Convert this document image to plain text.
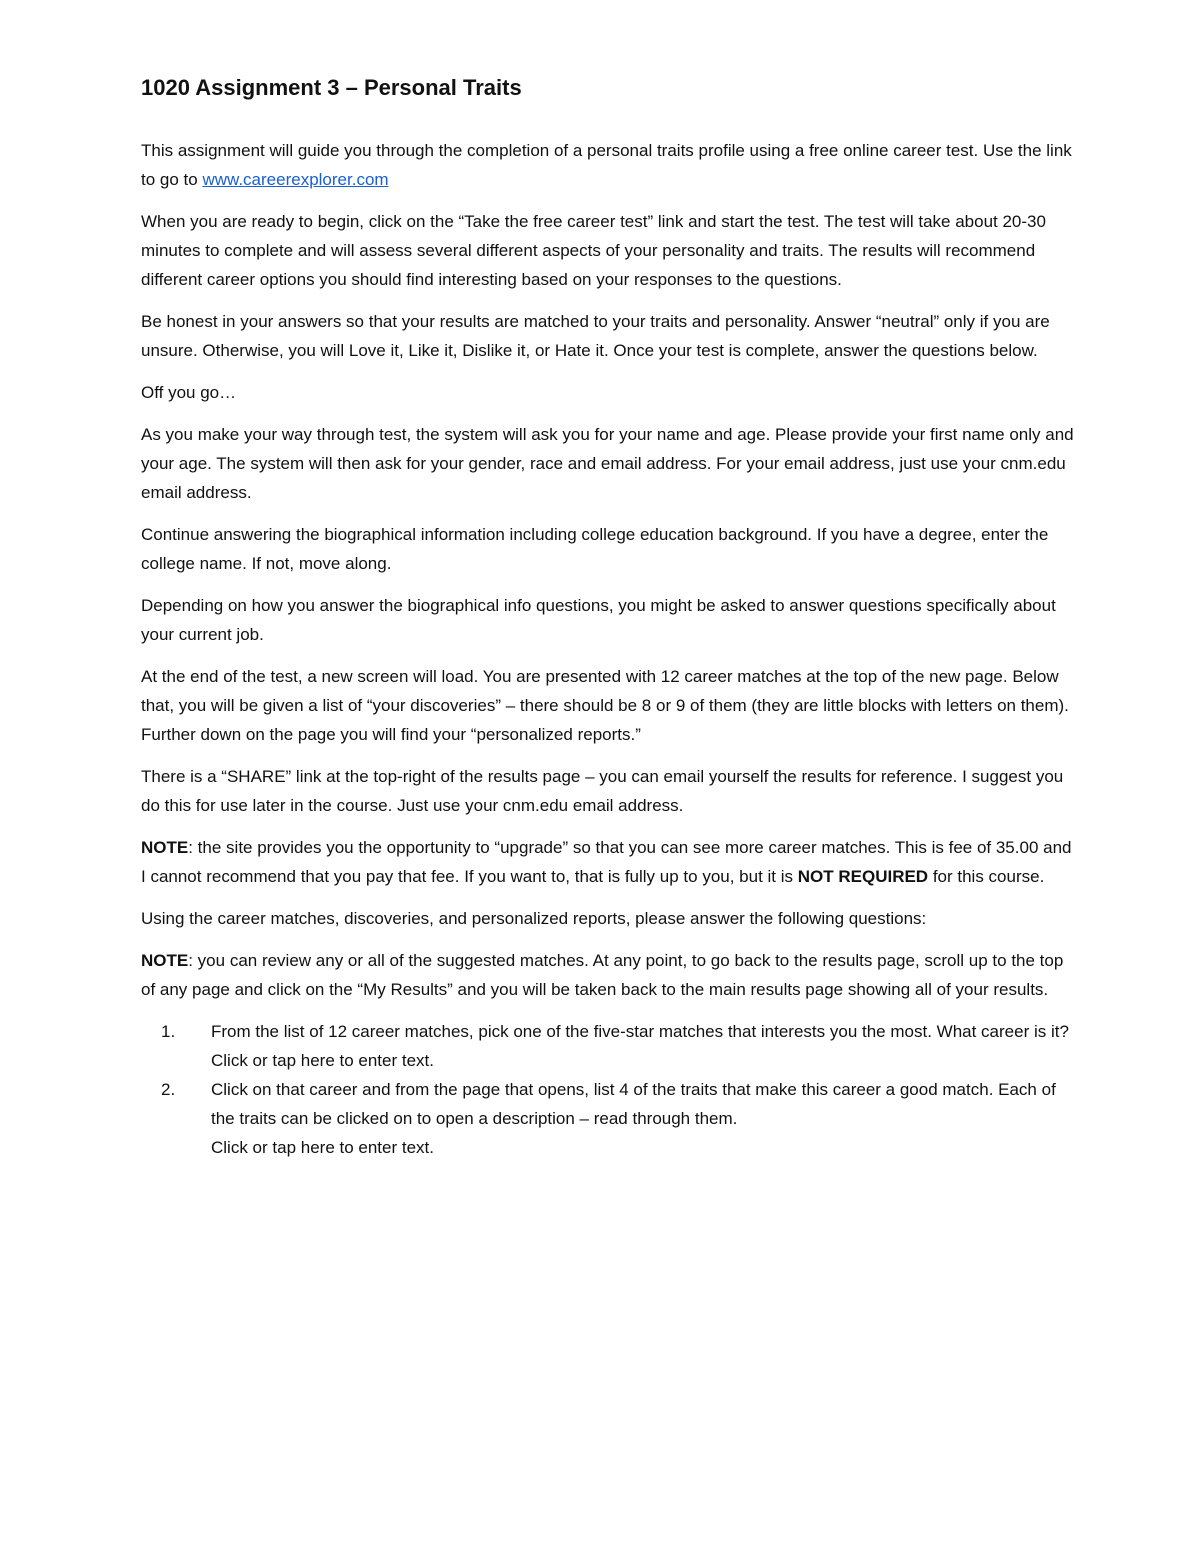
1020 Assignment 3 – Personal Traits
This assignment will guide you through the completion of a personal traits profile using a free online career test. Use the link to go to www.careerexplorer.com
When you are ready to begin, click on the “Take the free career test” link and start the test. The test will take about 20-30 minutes to complete and will assess several different aspects of your personality and traits. The results will recommend different career options you should find interesting based on your responses to the questions.
Be honest in your answers so that your results are matched to your traits and personality. Answer “neutral” only if you are unsure. Otherwise, you will Love it, Like it, Dislike it, or Hate it. Once your test is complete, answer the questions below.
Off you go…
As you make your way through test, the system will ask you for your name and age. Please provide your first name only and your age. The system will then ask for your gender, race and email address. For your email address, just use your cnm.edu email address.
Continue answering the biographical information including college education background. If you have a degree, enter the college name. If not, move along.
Depending on how you answer the biographical info questions, you might be asked to answer questions specifically about your current job.
At the end of the test, a new screen will load. You are presented with 12 career matches at the top of the new page. Below that, you will be given a list of “your discoveries” – there should be 8 or 9 of them (they are little blocks with letters on them). Further down on the page you will find your “personalized reports.”
There is a “SHARE” link at the top-right of the results page – you can email yourself the results for reference. I suggest you do this for use later in the course. Just use your cnm.edu email address.
NOTE: the site provides you the opportunity to “upgrade” so that you can see more career matches. This is fee of 35.00 and I cannot recommend that you pay that fee. If you want to, that is fully up to you, but it is NOT REQUIRED for this course.
Using the career matches, discoveries, and personalized reports, please answer the following questions:
NOTE: you can review any or all of the suggested matches. At any point, to go back to the results page, scroll up to the top of any page and click on the “My Results” and you will be taken back to the main results page showing all of your results.
1. From the list of 12 career matches, pick one of the five-star matches that interests you the most. What career is it?
Click or tap here to enter text.
2. Click on that career and from the page that opens, list 4 of the traits that make this career a good match. Each of the traits can be clicked on to open a description – read through them.
Click or tap here to enter text.
